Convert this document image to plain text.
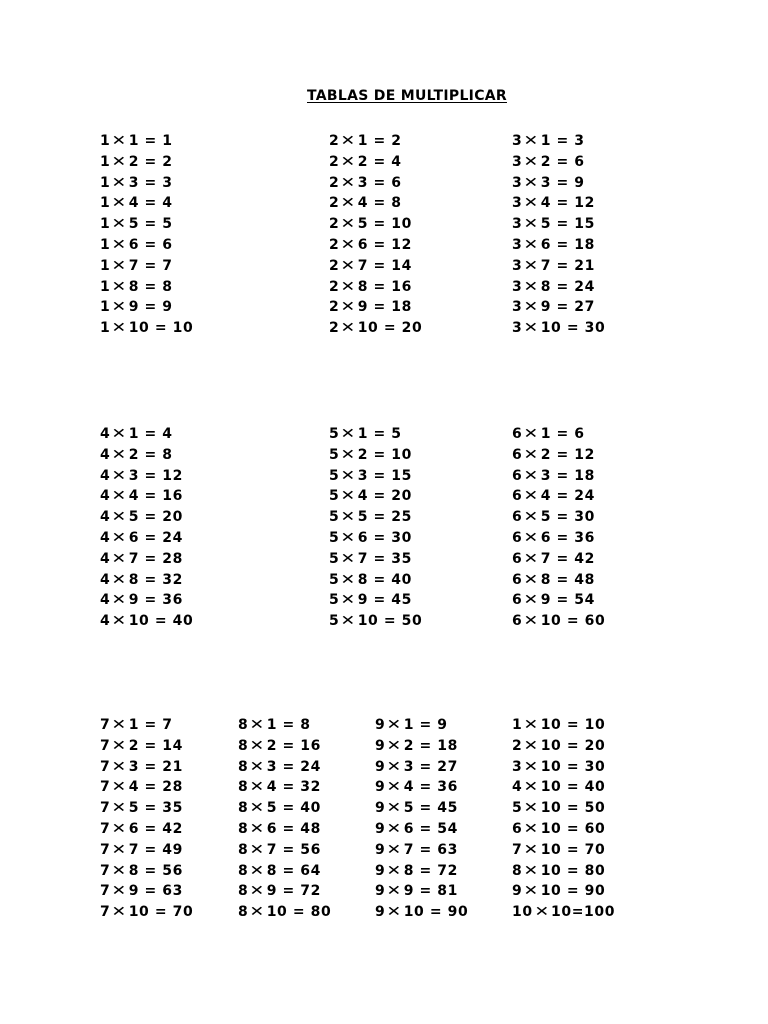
TABLAS DE MULTIPLICAR
1✕1 = 1
1✕2 = 2
1✕3 = 3
1✕4 = 4
1✕5 = 5
1✕6 = 6
1✕7 = 7
1✕8 = 8
1✕9 = 9
1✕10 = 10
2✕1 = 2
2✕2 = 4
2✕3 = 6
2✕4 = 8
2✕5 = 10
2✕6 = 12
2✕7 = 14
2✕8 = 16
2✕9 = 18
2✕10 = 20
3✕1 = 3
3✕2 = 6
3✕3 = 9
3✕4 = 12
3✕5 = 15
3✕6 = 18
3✕7 = 21
3✕8 = 24
3✕9 = 27
3✕10 = 30
4✕1 = 4
4✕2 = 8
4✕3 = 12
4✕4 = 16
4✕5 = 20
4✕6 = 24
4✕7 = 28
4✕8 = 32
4✕9 = 36
4✕10 = 40
5✕1 = 5
5✕2 = 10
5✕3 = 15
5✕4 = 20
5✕5 = 25
5✕6 = 30
5✕7 = 35
5✕8 = 40
5✕9 = 45
5✕10 = 50
6✕1 = 6
6✕2 = 12
6✕3 = 18
6✕4 = 24
6✕5 = 30
6✕6 = 36
6✕7 = 42
6✕8 = 48
6✕9 = 54
6✕10 = 60
7✕1 = 7
7✕2 = 14
7✕3 = 21
7✕4 = 28
7✕5 = 35
7✕6 = 42
7✕7 = 49
7✕8 = 56
7✕9 = 63
7✕10 = 70
8✕1 = 8
8✕2 = 16
8✕3 = 24
8✕4 = 32
8✕5 = 40
8✕6 = 48
8✕7 = 56
8✕8 = 64
8✕9 = 72
8✕10 = 80
9✕1 = 9
9✕2 = 18
9✕3 = 27
9✕4 = 36
9✕5 = 45
9✕6 = 54
9✕7 = 63
9✕8 = 72
9✕9 = 81
9✕10 = 90
1✕10 = 10
2✕10 = 20
3✕10 = 30
4✕10 = 40
5✕10 = 50
6✕10 = 60
7✕10 = 70
8✕10 = 80
9✕10 = 90
10✕10=100
